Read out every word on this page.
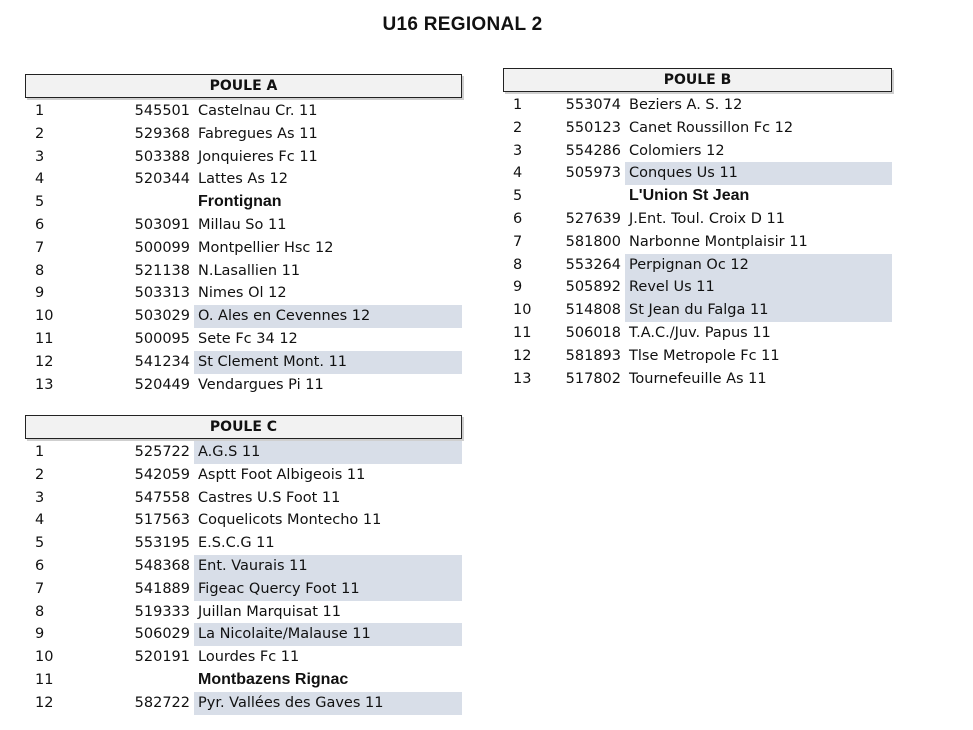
U16 REGIONAL 2
POULE A
1	545501 Castelnau Cr. 11
2	529368 Fabregues As 11
3	503388 Jonquieres Fc 11
4	520344 Lattes As 12
5	Frontignan
6	503091 Millau So 11
7	500099 Montpellier Hsc 12
8	521138 N.Lasallien 11
9	503313 Nimes Ol 12
10	503029 O. Ales en Cevennes 12
11	500095 Sete Fc 34 12
12	541234 St Clement Mont. 11
13	520449 Vendargues Pi 11
POULE B
1	553074 Beziers A. S. 12
2	550123 Canet Roussillon Fc 12
3	554286 Colomiers 12
4	505973 Conques Us 11
5	L'Union St Jean
6	527639 J.Ent. Toul. Croix D 11
7	581800 Narbonne Montplaisir 11
8	553264 Perpignan Oc 12
9	505892 Revel Us 11
10	514808 St Jean du Falga 11
11	506018 T.A.C./Juv. Papus 11
12	581893 Tlse Metropole Fc 11
13	517802 Tournefeuille As 11
POULE C
1	525722 A.G.S 11
2	542059 Asptt Foot Albigeois 11
3	547558 Castres U.S Foot 11
4	517563 Coquelicots Montecho 11
5	553195 E.S.C.G 11
6	548368 Ent. Vaurais 11
7	541889 Figeac Quercy Foot 11
8	519333 Juillan Marquisat 11
9	506029 La Nicolaite/Malause 11
10	520191 Lourdes Fc 11
11	Montbazens Rignac
12	582722 Pyr. Vallées des Gaves 11
